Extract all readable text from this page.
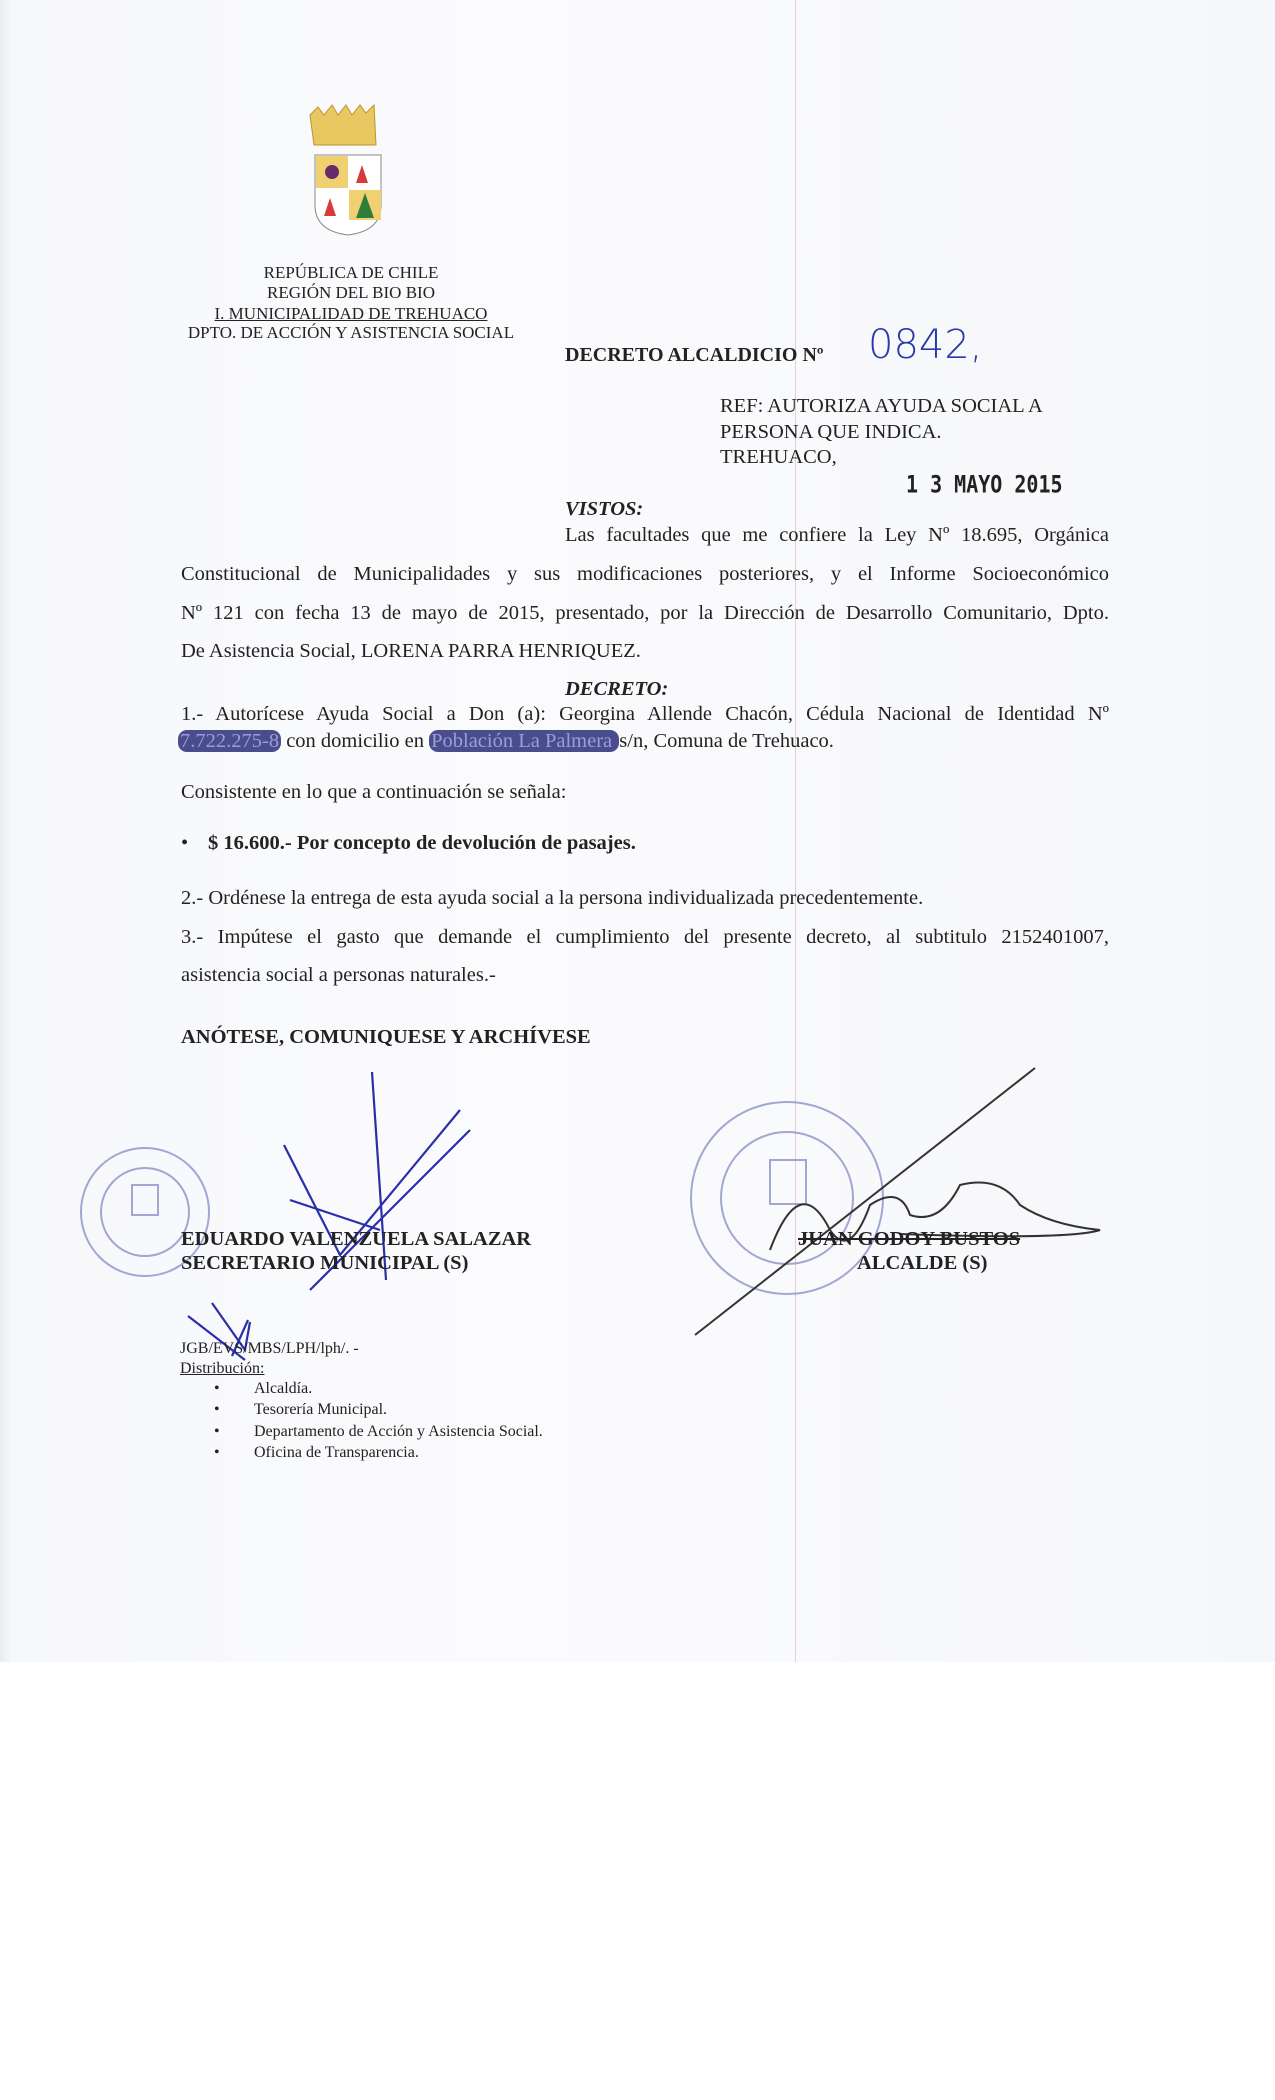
REPÚBLICA DE CHILE
REGIÓN DEL BIO BIO
I. MUNICIPALIDAD DE TREHUACO
DPTO. DE ACCIÓN Y ASISTENCIA SOCIAL
DECRETO ALCALDICIO Nº 0842,
REF: AUTORIZA AYUDA SOCIAL A
PERSONA QUE INDICA.
TREHUACO,
1 3 MAYO 2015
VISTOS:
Las facultades que me confiere la Ley Nº 18.695, Orgánica
Constitucional de Municipalidades y sus modificaciones posteriores, y el Informe Socioeconómico
Nº 121 con fecha 13 de mayo de 2015, presentado, por la Dirección de Desarrollo Comunitario, Dpto.
De Asistencia Social, LORENA PARRA HENRIQUEZ.
DECRETO:
1.- Autorícese Ayuda Social a Don (a): Georgina Allende Chacón, Cédula Nacional de Identidad Nº
7.722.275-8 con domicilio en Población La Palmera s/n, Comuna de Trehuaco.
Consistente en lo que a continuación se señala:
• $ 16.600.- Por concepto de devolución de pasajes.
2.- Ordénese la entrega de esta ayuda social a la persona individualizada precedentemente.
3.- Impútese el gasto que demande el cumplimiento del presente decreto, al subtitulo 2152401007,
asistencia social a personas naturales.-
ANÓTESE, COMUNIQUESE Y ARCHÍVESE
EDUARDO VALENZUELA SALAZAR
SECRETARIO MUNICIPAL (S)
JUAN GODOY BUSTOS
ALCALDE (S)
JGB/EVS/MBS/LPH/lph/. -
Distribución:
• Alcaldía.
• Tesorería Municipal.
• Departamento de Acción y Asistencia Social.
• Oficina de Transparencia.
